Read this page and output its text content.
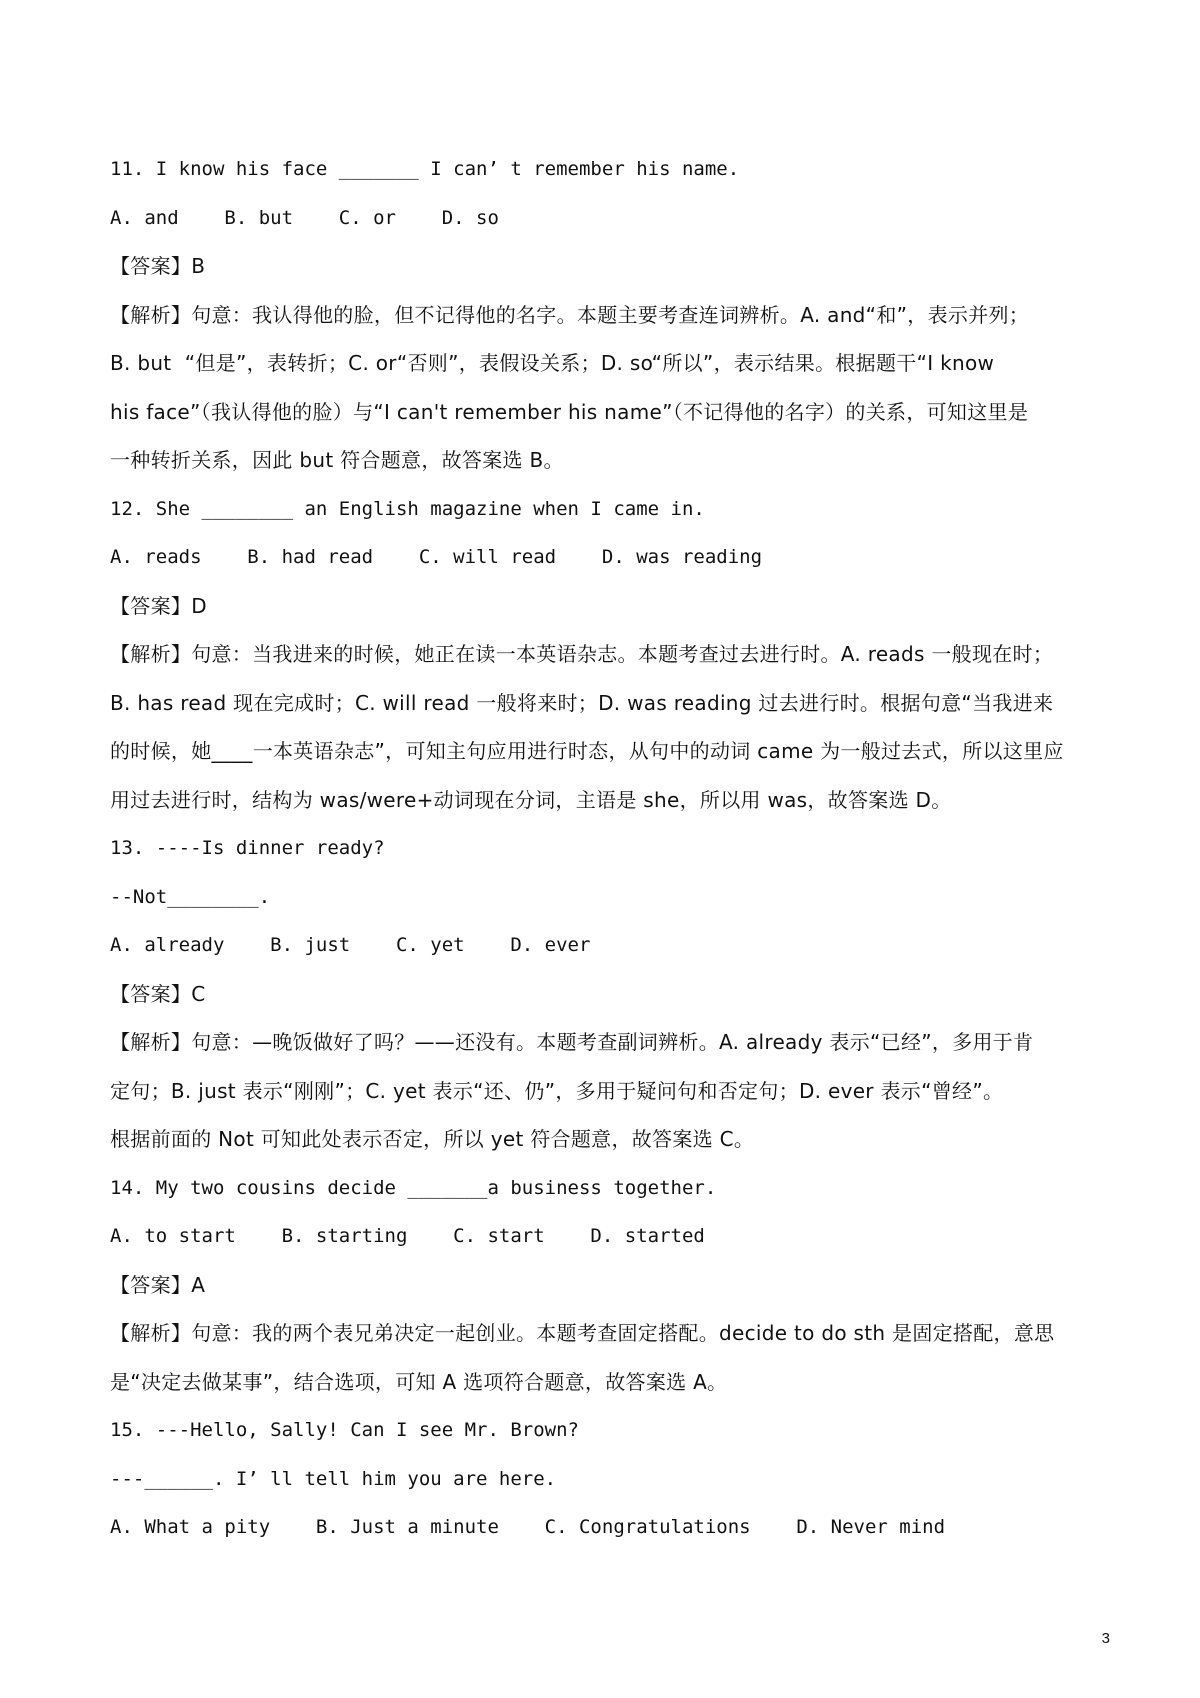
11. I know his face _______ I can’ t remember his name.
A. and    B. but    C. or    D. so
【答案】B
【解析】句意：我认得他的脸，但不记得他的名字。本题主要考查连词辨析。A. and“和”，表示并列；
B. but  “但是”，表转折；C. or“否则”，表假设关系；D. so“所以”，表示结果。根据题干“I know
his face”（我认得他的脸）与“I can't remember his name”（不记得他的名字）的关系，可知这里是
一种转折关系，因此 but 符合题意，故答案选 B。
12. She ________ an English magazine when I came in.
A. reads    B. had read    C. will read    D. was reading
【答案】D
【解析】句意：当我进来的时候，她正在读一本英语杂志。本题考查过去进行时。A. reads 一般现在时；
B. has read 现在完成时；C. will read 一般将来时；D. was reading 过去进行时。根据句意“当我进来
的时候，她____一本英语杂志”，可知主句应用进行时态，从句中的动词 came 为一般过去式，所以这里应
用过去进行时，结构为 was/were+动词现在分词，主语是 she，所以用 was，故答案选 D。
13. ----Is dinner ready?
--Not________.
A. already    B. just    C. yet    D. ever
【答案】C
【解析】句意：—晚饭做好了吗？——还没有。本题考查副词辨析。A. already 表示“已经”，多用于肯
定句；B. just 表示“刚刚”；C. yet 表示“还、仍”，多用于疑问句和否定句；D. ever 表示“曾经”。
根据前面的 Not 可知此处表示否定，所以 yet 符合题意，故答案选 C。
14. My two cousins decide _______a business together.
A. to start    B. starting    C. start    D. started
【答案】A
【解析】句意：我的两个表兄弟决定一起创业。本题考查固定搭配。decide to do sth 是固定搭配，意思
是“决定去做某事”，结合选项，可知 A 选项符合题意，故答案选 A。
15. ---Hello, Sally! Can I see Mr. Brown?
---______. I’ ll tell him you are here.
A. What a pity    B. Just a minute    C. Congratulations    D. Never mind
3
